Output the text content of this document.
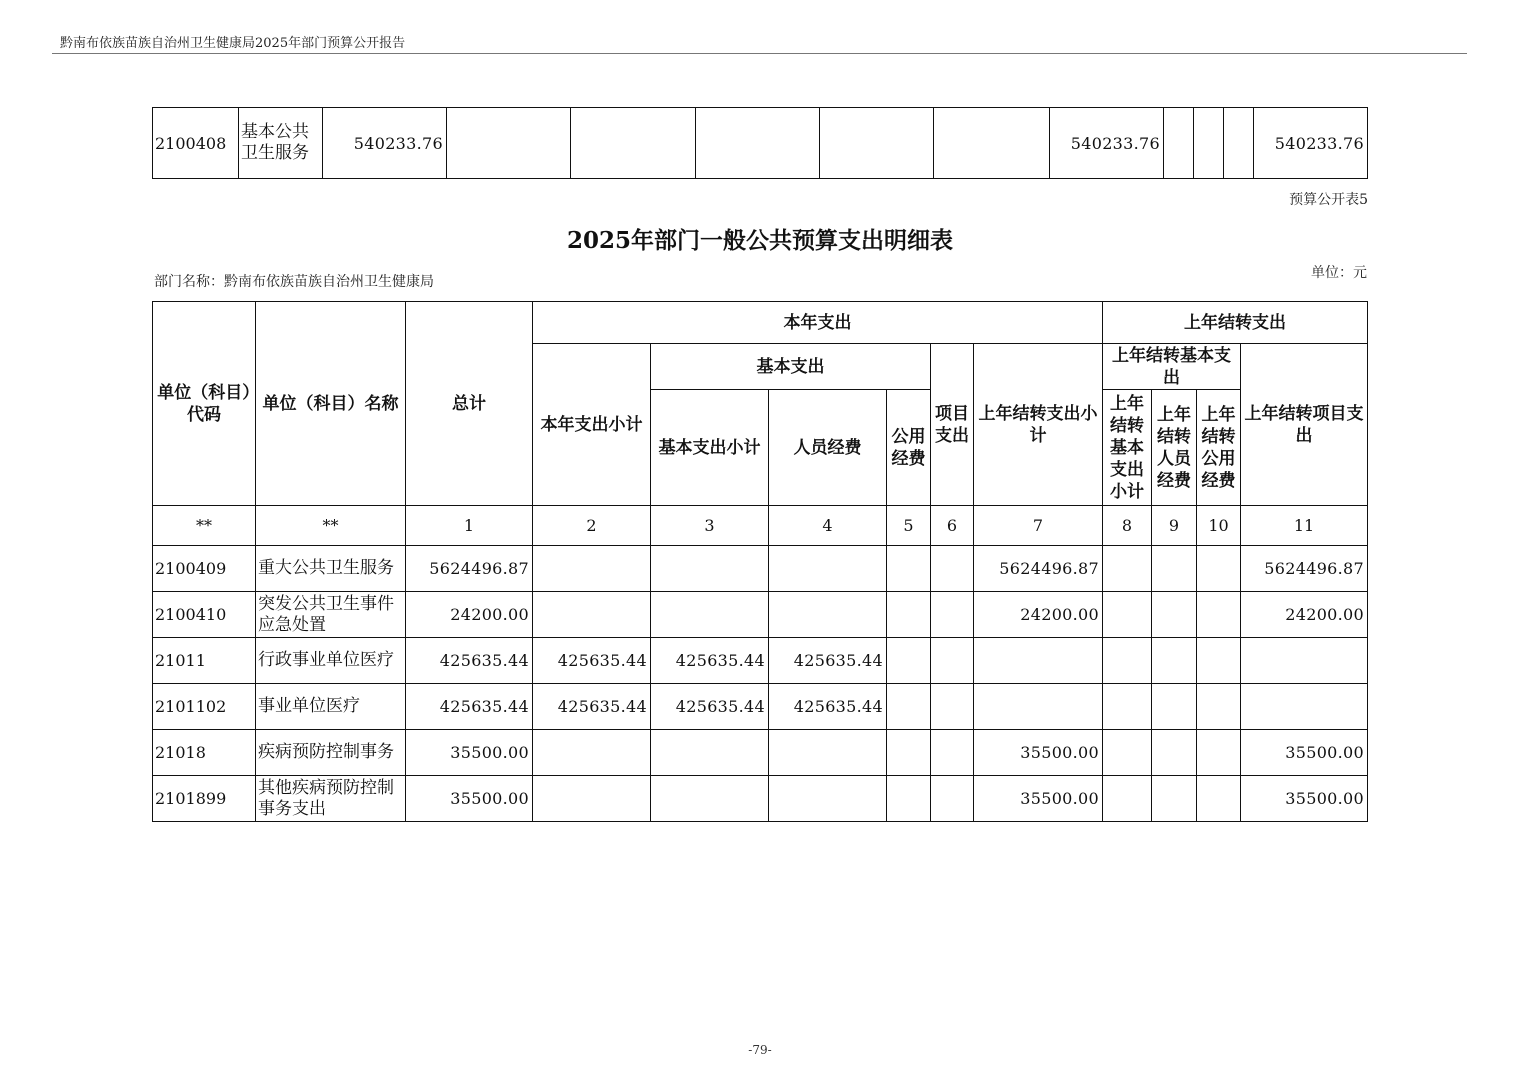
黔南布依族苗族自治州卫生健康局2025年部门预算公开报告
2100408	基本公共卫生服务	540233.76						540233.76				540233.76
预算公开表5
2025年部门一般公共预算支出明细表
部门名称：黔南布依族苗族自治州卫生健康局
单位：元
单位（科目）代码	单位（科目）名称	总计	本年支出						上年结转支出			
			本年支出小计	基本支出			项目支出	上年结转支出小计	上年结转基本支出			上年结转项目支出
				基本支出小计	人员经费	公用经费			上年结转基本支出小计	上年结转人员经费	上年结转公用经费	
**	**	1	2	3	4	5	6	7	8	9	10	11
2100409	重大公共卫生服务	5624496.87						5624496.87				5624496.87
2100410	突发公共卫生事件应急处置	24200.00						24200.00				24200.00
21011	行政事业单位医疗	425635.44	425635.44	425635.44	425635.44							
2101102	事业单位医疗	425635.44	425635.44	425635.44	425635.44							
21018	疾病预防控制事务	35500.00						35500.00				35500.00
2101899	其他疾病预防控制事务支出	35500.00						35500.00				35500.00
-79-
